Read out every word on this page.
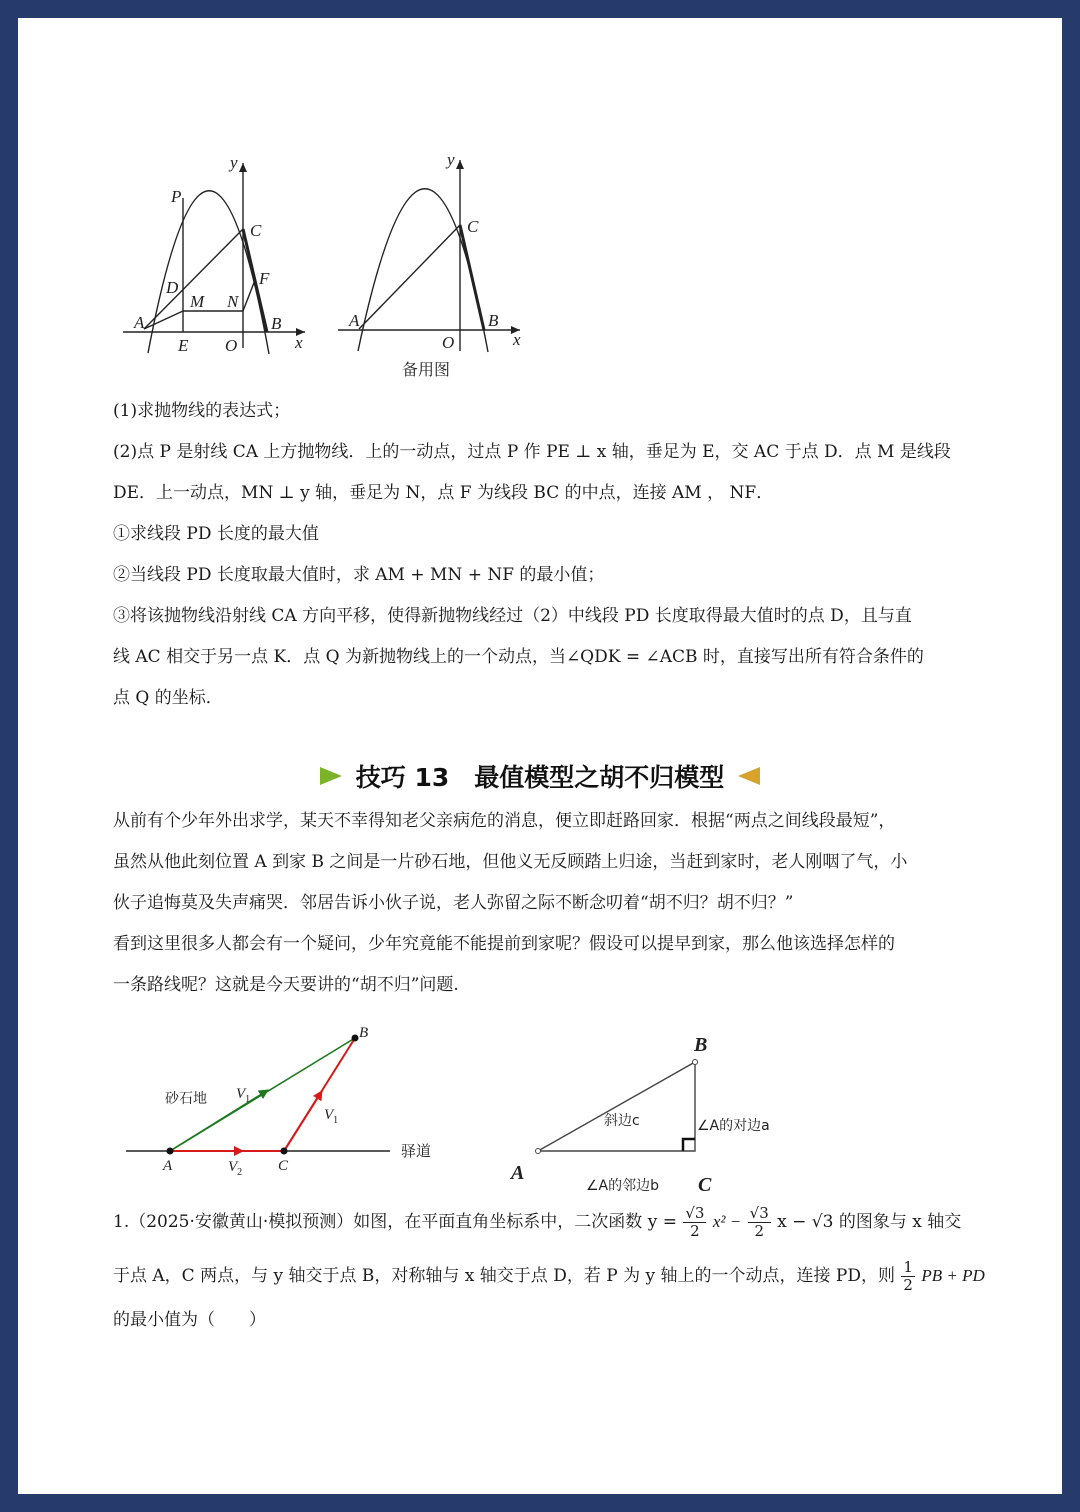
y
P
C
F
D
M N
A	B
E O	x
y
C
A	B
O	x
备用图
(1)求抛物线的表达式；
(2)点 P 是射线 CA 上方抛物线．上的一动点，过点 P 作 PE ⊥ x 轴，垂足为 E，交 AC 于点 D．点 M 是线段
DE．上一动点，MN ⊥ y 轴，垂足为 N，点 F 为线段 BC 的中点，连接 AM ， NF．
①求线段 PD 长度的最大值
②当线段 PD 长度取最大值时，求 AM + MN + NF 的最小值；
③将该抛物线沿射线 CA 方向平移，使得新抛物线经过（2）中线段 PD 长度取得最大值时的点 D，且与直
线 AC 相交于另一点 K．点 Q 为新抛物线上的一个动点，当∠QDK = ∠ACB 时，直接写出所有符合条件的
点 Q 的坐标．
技巧 13　最值模型之胡不归模型
从前有个少年外出求学，某天不幸得知老父亲病危的消息，便立即赶路回家．根据“两点之间线段最短”，
虽然从他此刻位置 A 到家 B 之间是一片砂石地，但他义无反顾踏上归途，当赶到家时，老人刚咽了气，小
伙子追悔莫及失声痛哭．邻居告诉小伙子说，老人弥留之际不断念叨着“胡不归？胡不归？”
看到这里很多人都会有一个疑问，少年究竟能不能提前到家呢？假设可以提早到家，那么他该选择怎样的
一条路线呢？这就是今天要讲的“胡不归”问题.
B
A	C
$V_1$
$V_1$
$V_2$
砂石地
驿道
B
A
C
斜边c	∠A的对边a
∠A的邻边b
1.（2025·安徽黄山·模拟预测）如图，在平面直角坐标系中，二次函数 $y = \frac{√3}{2} x^2 - \frac{√3}{2}$ x − √3 的图象与 x 轴交
于点 A，C 两点，与 y 轴交于点 B，对称轴与 x 轴交于点 D，若 P 为 y 轴上的一个动点，连接 PD，则 $\frac{1}{2}$ PB + PD
的最小值为（　　）
